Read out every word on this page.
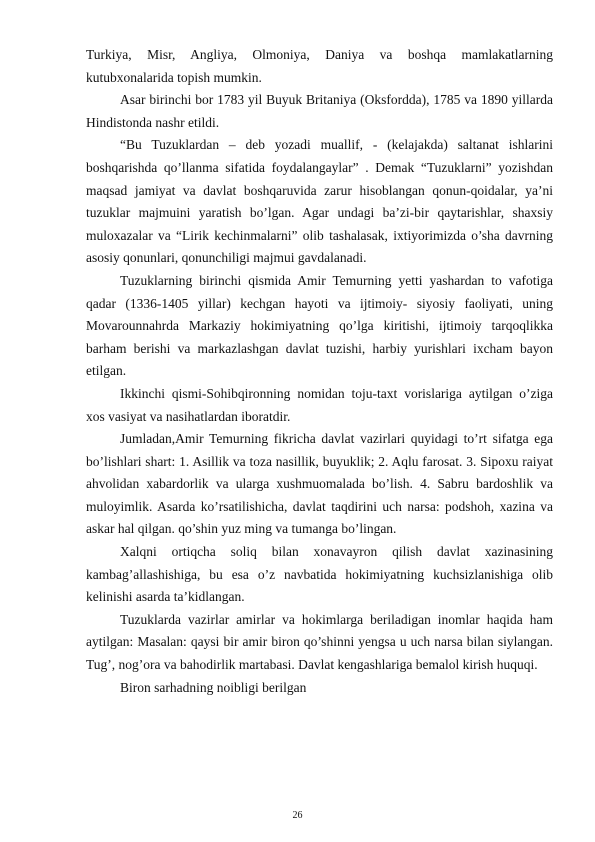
Turkiya, Misr, Angliya, Olmoniya, Daniya va boshqa mamlakatlarning kutubxonalarida topish mumkin.

Asar birinchi bor 1783 yil Buyuk Britaniya (Oksfordda), 1785 va 1890 yillarda Hindistonda nashr etildi.

“Bu Tuzuklardan – deb yozadi muallif, - (kelajakda) saltanat ishlarini boshqarishda qo’llanma sifatida foydalangaylar” . Demak “Tuzuklarni” yozishdan maqsad jamiyat va davlat boshqaruvida zarur hisoblangan qonun-qoidalar, ya’ni tuzuklar majmuini yaratish bo’lgan. Agar undagi ba’zi-bir qaytarishlar, shaxsiy muloxazalar va “Lirik kechinmalarni” olib tashalasak, ixtiyorimizda o’sha davrning asosiy qonunlari, qonunchiligi majmui gavdalanadi.

Tuzuklarning birinchi qismida Amir Temurning yetti yashardan to vafotiga qadar (1336-1405 yillar) kechgan hayoti va ijtimoiy- siyosiy faoliyati, uning Movarounnahrda Markaziy hokimiyatning qo’lga kiritishi, ijtimoiy tarqoqlikka barham berishi va markazlashgan davlat tuzishi, harbiy yurishlari ixcham bayon etilgan.

Ikkinchi qismi-Sohibqironning nomidan toju-taxt vorislariga aytilgan o’ziga xos vasiyat va nasihatlardan iboratdir.

Jumladan,Amir Temurning fikricha davlat vazirlari quyidagi to’rt sifatga ega bo’lishlari shart: 1. Asillik va toza nasillik, buyuklik; 2. Aqlu farosat. 3. Sipoxu raiyat ahvolidan xabardorlik va ularga xushmuomalada bo’lish. 4. Sabru bardoshlik va muloyimlik. Asarda ko’rsatilishicha, davlat taqdirini uch narsa: podshoh, xazina va askar hal qilgan. qo’shin yuz ming va tumanga bo’lingan.

Xalqni ortiqcha soliq bilan xonavayron qilish davlat xazinasining kambag’allashishiga, bu esa o’z navbatida hokimiyatning kuchsizlanishiga olib kelinishi asarda ta’kidlangan.

Tuzuklarda vazirlar amirlar va hokimlarga beriladigan inomlar haqida ham aytilgan: Masalan: qaysi bir amir biron qo’shinni yengsa u uch narsa bilan siylangan. Tug’, nog’ora va bahodirlik martabasi. Davlat kengashlariga bemalol kirish huquqi.

Biron sarhadning noibligi berilgan

26
